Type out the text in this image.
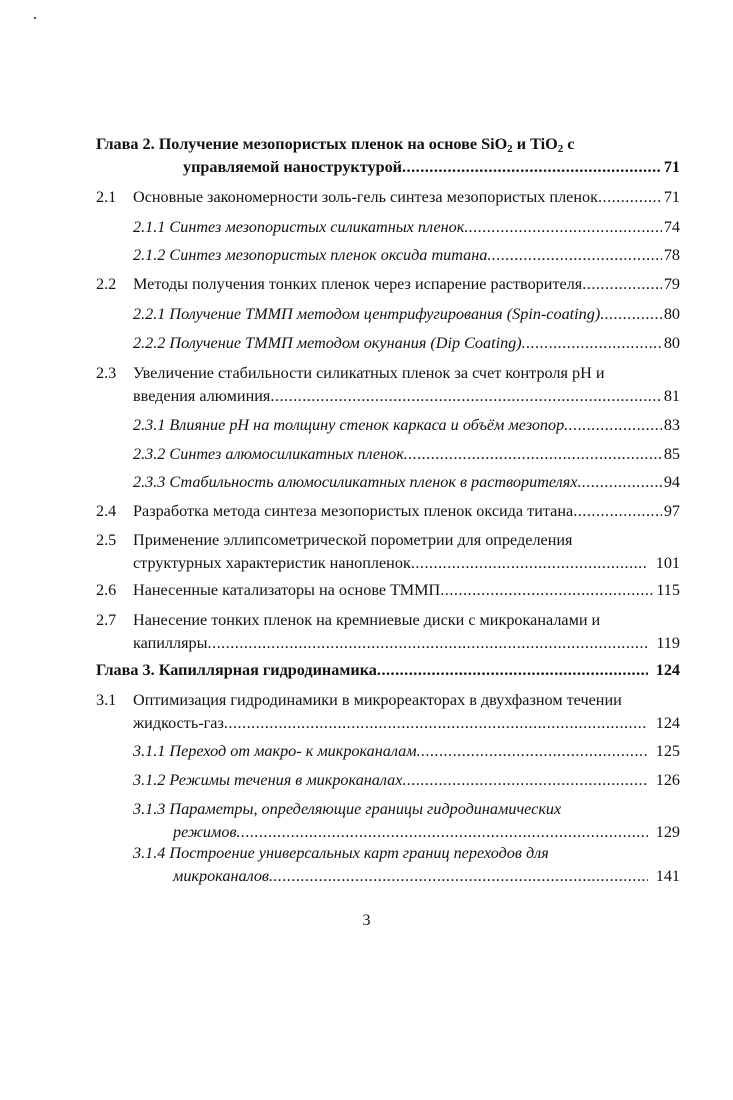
Глава 2. Получение мезопористых пленок на основе SiO$_2$ и TiO$_2$ с
управляемой наноструктурой .....	71
2.1 Основные закономерности золь-гель синтеза мезопористых пленок .....	71
2.1.1 Синтез мезопористых силикатных пленок .....	74
2.1.2 Синтез мезопористых пленок оксида титана .....	78
2.2 Методы получения тонких пленок через испарение растворителя .....	79
2.2.1 Получение ТММП методом центрифугирования (Spin-coating) .....	80
2.2.2 Получение ТММП методом окунания (Dip Coating) .....	80
2.3 Увеличение стабильности силикатных пленок за счет контроля pH и
введения алюминия .....	81
2.3.1 Влияние pH на толщину стенок каркаса и объём мезопор .....	83
2.3.2 Синтез алюмосиликатных пленок .....	85
2.3.3 Стабильность алюмосиликатных пленок в растворителях .....	94
2.4 Разработка метода синтеза мезопористых пленок оксида титана .....	97
2.5 Применение эллипсометрической порометрии для определения
структурных характеристик нанопленок .....	101
2.6 Нанесенные катализаторы на основе ТММП .....	115
2.7 Нанесение тонких пленок на кремниевые диски с микроканалами и
капилляры .....	119
Глава 3. Капиллярная гидродинамика .....	124
3.1 Оптимизация гидродинамики в микрореакторах в двухфазном течении
жидкость-газ .....	124
3.1.1 Переход от макро- к микроканалам .....	125
3.1.2 Режимы течения в микроканалах .....	126
3.1.3 Параметры, определяющие границы гидродинамических
режимов .....	129
3.1.4 Построение универсальных карт границ переходов для
микроканалов .....	141
3
